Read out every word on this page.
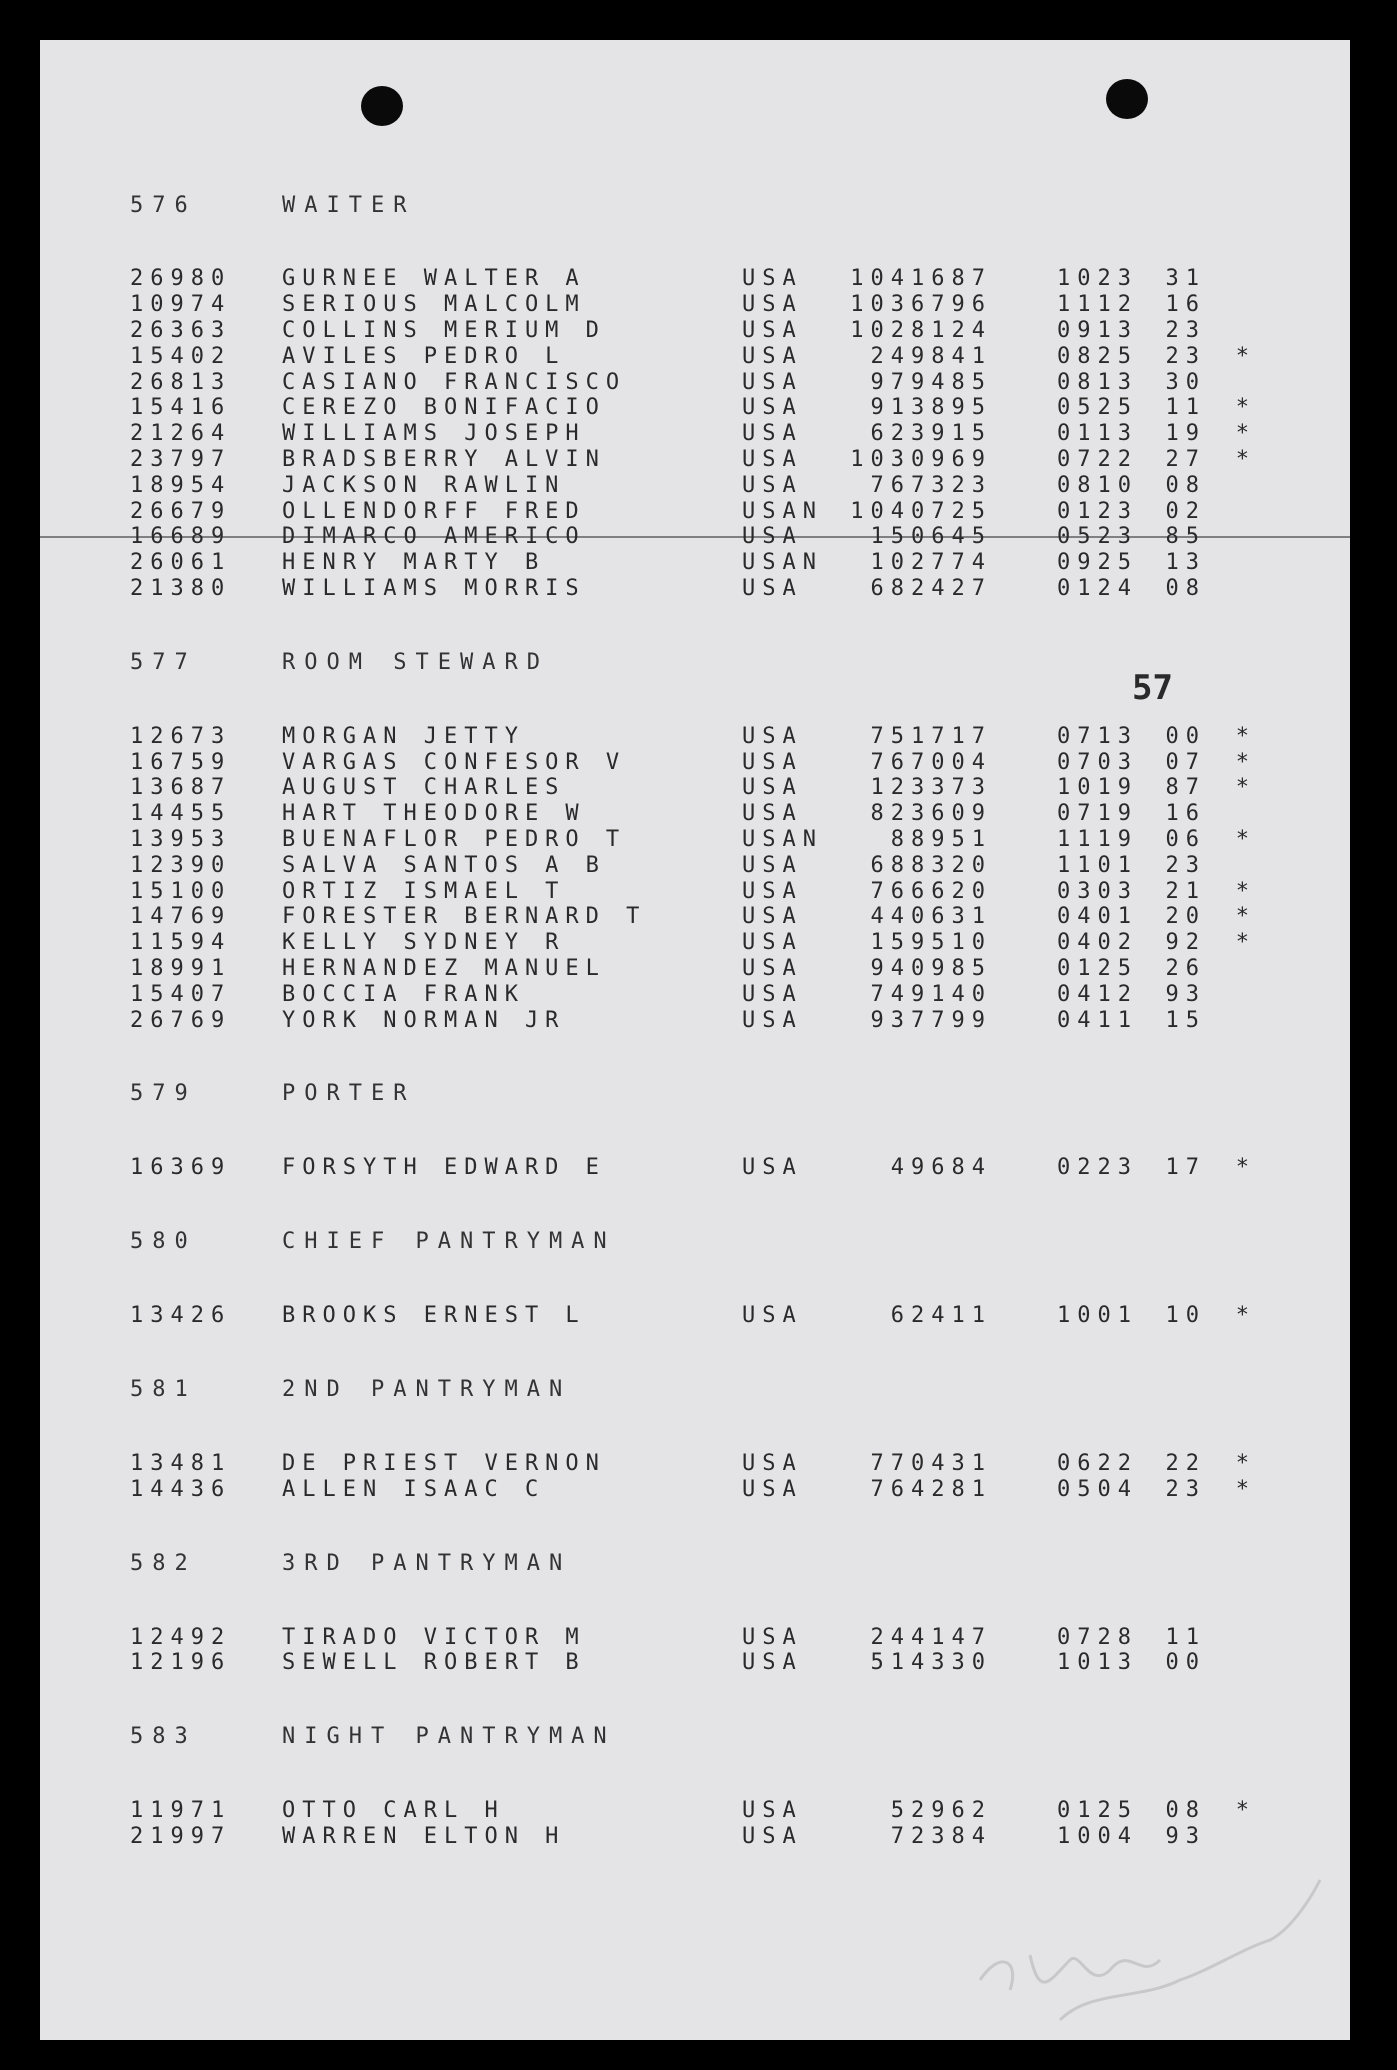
57
576	WAITER
26980	GURNEE WALTER A	USA	1041687	1023	31
10974	SERIOUS MALCOLM	USA	1036796	1112	16
26363	COLLINS MERIUM D	USA	1028124	0913	23
15402	AVILES PEDRO L	USA	249841	0825	23	*
26813	CASIANO FRANCISCO	USA	979485	0813	30
15416	CEREZO BONIFACIO	USA	913895	0525	11	*
21264	WILLIAMS JOSEPH	USA	623915	0113	19	*
23797	BRADSBERRY ALVIN	USA	1030969	0722	27	*
18954	JACKSON RAWLIN	USA	767323	0810	08
26679	OLLENDORFF FRED	USAN	1040725	0123	02
16689	DIMARCO AMERICO	USA	150645	0523	85
26061	HENRY MARTY B	USAN	102774	0925	13
21380	WILLIAMS MORRIS	USA	682427	0124	08
577	ROOM STEWARD
12673	MORGAN JETTY	USA	751717	0713	00	*
16759	VARGAS CONFESOR V	USA	767004	0703	07	*
13687	AUGUST CHARLES	USA	123373	1019	87	*
14455	HART THEODORE W	USA	823609	0719	16
13953	BUENAFLOR PEDRO T	USAN	88951	1119	06	*
12390	SALVA SANTOS A B	USA	688320	1101	23
15100	ORTIZ ISMAEL T	USA	766620	0303	21	*
14769	FORESTER BERNARD T	USA	440631	0401	20	*
11594	KELLY SYDNEY R	USA	159510	0402	92	*
18991	HERNANDEZ MANUEL	USA	940985	0125	26
15407	BOCCIA FRANK	USA	749140	0412	93
26769	YORK NORMAN JR	USA	937799	0411	15
579	PORTER
16369	FORSYTH EDWARD E	USA	49684	0223	17	*
580	CHIEF PANTRYMAN
13426	BROOKS ERNEST L	USA	62411	1001	10	*
581	2ND PANTRYMAN
13481	DE PRIEST VERNON	USA	770431	0622	22	*
14436	ALLEN ISAAC C	USA	764281	0504	23	*
582	3RD PANTRYMAN
12492	TIRADO VICTOR M	USA	244147	0728	11
12196	SEWELL ROBERT B	USA	514330	1013	00
583	NIGHT PANTRYMAN
11971	OTTO CARL H	USA	52962	0125	08	*
21997	WARREN ELTON H	USA	72384	1004	93
